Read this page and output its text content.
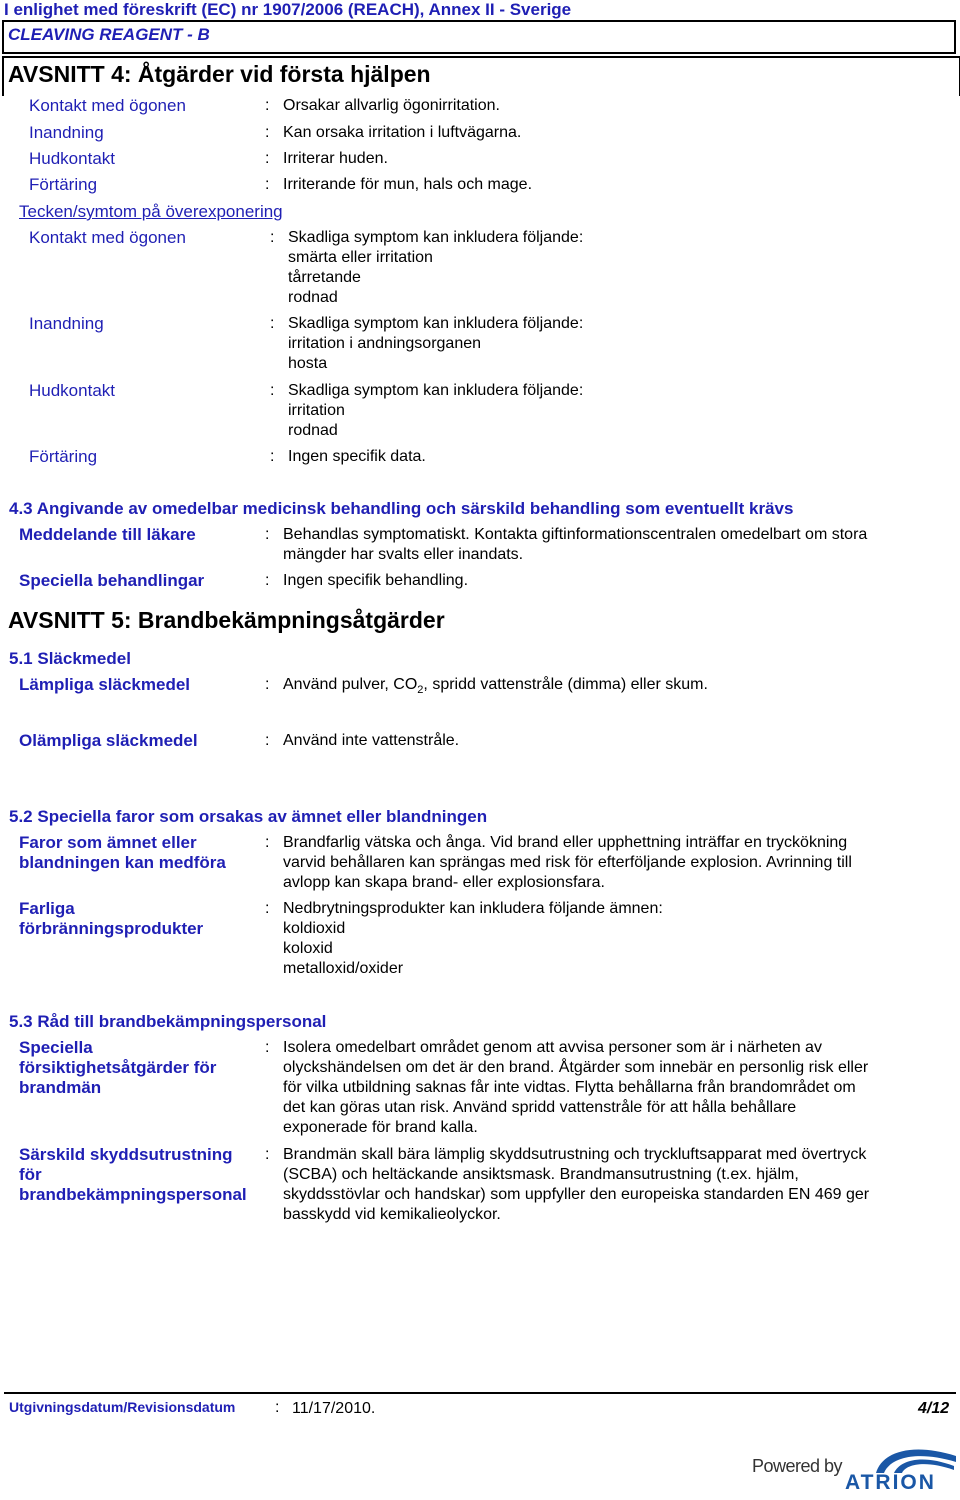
I enlighet med föreskrift (EC) nr 1907/2006 (REACH), Annex II - Sverige
CLEAVING REAGENT - B
AVSNITT 4: Åtgärder vid första hjälpen
Kontakt med ögonen	: Orsakar allvarlig ögonirritation.
Inandning	: Kan orsaka irritation i luftvägarna.
Hudkontakt	: Irriterar huden.
Förtäring	: Irriterande för mun, hals och mage.
Tecken/symtom på överexponering
Kontakt med ögonen	: Skadliga symptom kan inkludera följande:
smärta eller irritation
tårretande
rodnad
Inandning	: Skadliga symptom kan inkludera följande:
irritation i andningsorganen
hosta
Hudkontakt	: Skadliga symptom kan inkludera följande:
irritation
rodnad
Förtäring	: Ingen specifik data.
4.3 Angivande av omedelbar medicinsk behandling och särskild behandling som eventuellt krävs
Meddelande till läkare	: Behandlas symptomatiskt. Kontakta giftinformationscentralen omedelbart om stora
mängder har svalts eller inandats.
Speciella behandlingar	: Ingen specifik behandling.
AVSNITT 5: Brandbekämpningsåtgärder
5.1 Släckmedel
Lämpliga släckmedel	: Använd pulver, $CO_2$, spridd vattenstråle (dimma) eller skum.
Olämpliga släckmedel	: Använd inte vattenstråle.
5.2 Speciella faror som orsakas av ämnet eller blandningen
Faror som ämnet eller
blandningen kan medföra
: Brandfarlig vätska och ånga. Vid brand eller upphettning inträffar en tryckökning
varvid behållaren kan sprängas med risk för efterföljande explosion. Avrinning till
avlopp kan skapa brand- eller explosionsfara.
Farliga
förbränningsprodukter
: Nedbrytningsprodukter kan inkludera följande ämnen:
koldioxid
koloxid
metalloxid/oxider
5.3 Råd till brandbekämpningspersonal
Speciella
försiktighetsåtgärder för
brandmän
: Isolera omedelbart området genom att avvisa personer som är i närheten av
olyckshändelsen om det är den brand. Åtgärder som innebär en personlig risk eller
för vilka utbildning saknas får inte vidtas. Flytta behållarna från brandområdet om
det kan göras utan risk. Använd spridd vattenstråle för att hålla behållare
exponerade för brand kalla.
Särskild skyddsutrustning
för
brandbekämpningspersonal
: Brandmän skall bära lämplig skyddsutrustning och tryckluftsapparat med övertryck
(SCBA) och heltäckande ansiktsmask. Brandmansutrustning (t.ex. hjälm,
skyddsstövlar och handskar) som uppfyller den europeiska standarden EN 469 ger
basskydd vid kemikalieolyckor.
Utgivningsdatum/Revisionsdatum : 11/17/2010.	4/12
Powered by
ATRION
